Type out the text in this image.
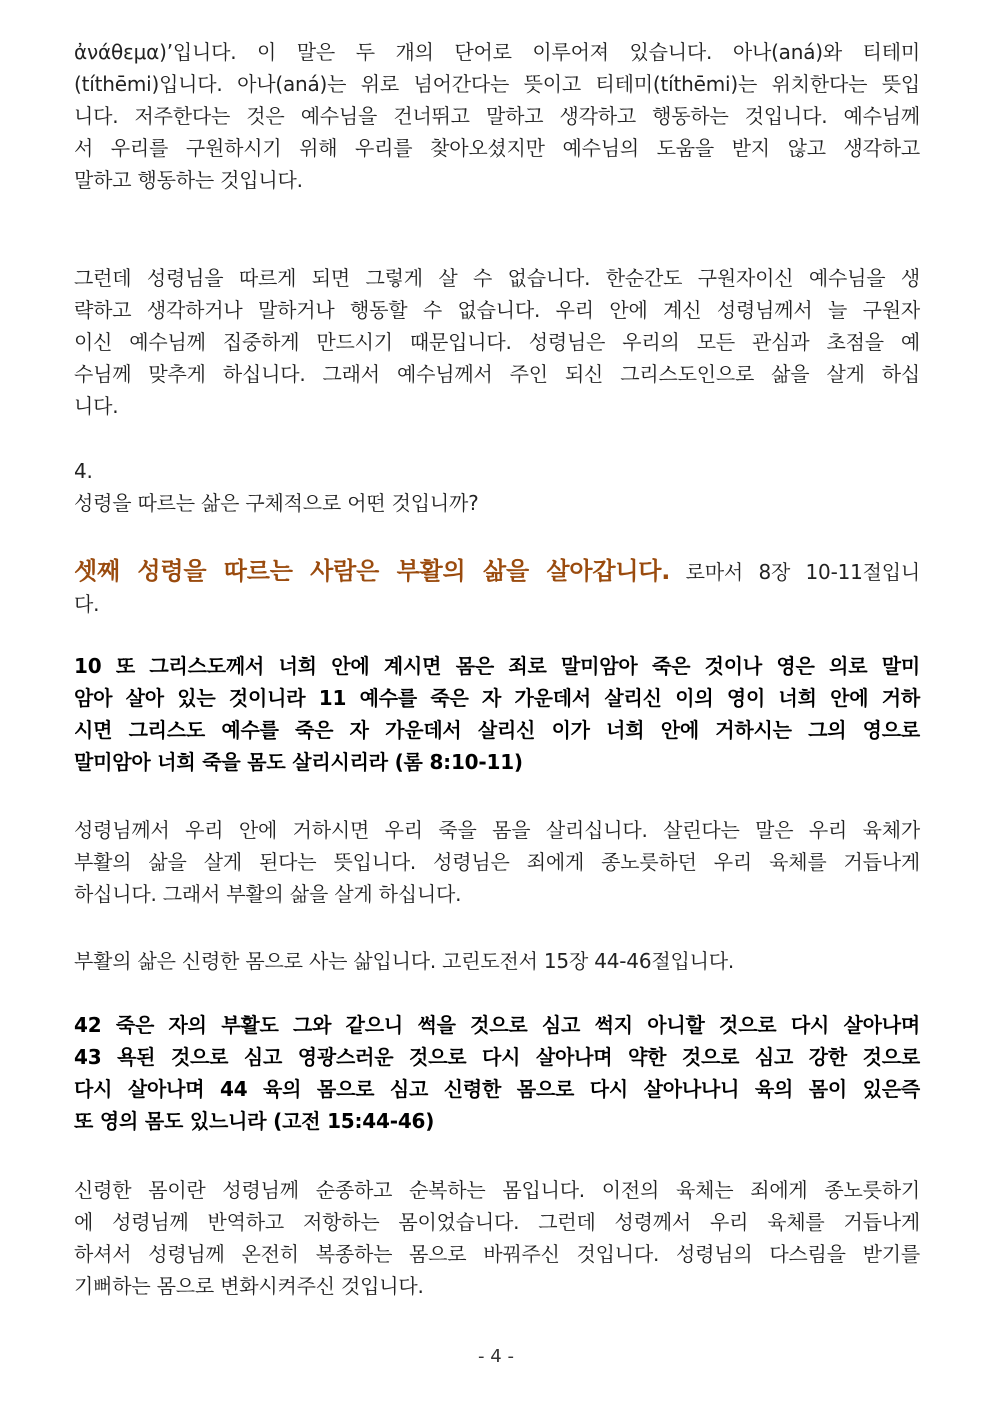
ἀνάθεμα)’입니다. 이 말은 두 개의 단어로 이루어져 있습니다. 아나(aná)와 티테미
(títhēmi)입니다. 아나(aná)는 위로 넘어간다는 뜻이고 티테미(títhēmi)는 위치한다는 뜻입
니다. 저주한다는 것은 예수님을 건너뛰고 말하고 생각하고 행동하는 것입니다. 예수님께
서 우리를 구원하시기 위해 우리를 찾아오셨지만 예수님의 도움을 받지 않고 생각하고
말하고 행동하는 것입니다.
그런데 성령님을 따르게 되면 그렇게 살 수 없습니다. 한순간도 구원자이신 예수님을 생
략하고 생각하거나 말하거나 행동할 수 없습니다. 우리 안에 계신 성령님께서 늘 구원자
이신 예수님께 집중하게 만드시기 때문입니다. 성령님은 우리의 모든 관심과 초점을 예
수님께 맞추게 하십니다. 그래서 예수님께서 주인 되신 그리스도인으로 삶을 살게 하십
니다.
4.
성령을 따르는 삶은 구체적으로 어떤 것입니까?
셋째 성령을 따르는 사람은 부활의 삶을 살아갑니다. 로마서 8장 10-11절입니
다.
10 또 그리스도께서 너희 안에 계시면 몸은 죄로 말미암아 죽은 것이나 영은 의로 말미
암아 살아 있는 것이니라 11 예수를 죽은 자 가운데서 살리신 이의 영이 너희 안에 거하
시면 그리스도 예수를 죽은 자 가운데서 살리신 이가 너희 안에 거하시는 그의 영으로
말미암아 너희 죽을 몸도 살리시리라 (롬 8:10-11)
성령님께서 우리 안에 거하시면 우리 죽을 몸을 살리십니다. 살린다는 말은 우리 육체가
부활의 삶을 살게 된다는 뜻입니다. 성령님은 죄에게 종노릇하던 우리 육체를 거듭나게
하십니다. 그래서 부활의 삶을 살게 하십니다.
부활의 삶은 신령한 몸으로 사는 삶입니다. 고린도전서 15장 44-46절입니다.
42 죽은 자의 부활도 그와 같으니 썩을 것으로 심고 썩지 아니할 것으로 다시 살아나며
43 욕된 것으로 심고 영광스러운 것으로 다시 살아나며 약한 것으로 심고 강한 것으로
다시 살아나며 44 육의 몸으로 심고 신령한 몸으로 다시 살아나나니 육의 몸이 있은즉
또 영의 몸도 있느니라 (고전 15:44-46)
신령한 몸이란 성령님께 순종하고 순복하는 몸입니다. 이전의 육체는 죄에게 종노릇하기
에 성령님께 반역하고 저항하는 몸이었습니다. 그런데 성령께서 우리 육체를 거듭나게
하셔서 성령님께 온전히 복종하는 몸으로 바꿔주신 것입니다. 성령님의 다스림을 받기를
기뻐하는 몸으로 변화시켜주신 것입니다.
- 4 -
